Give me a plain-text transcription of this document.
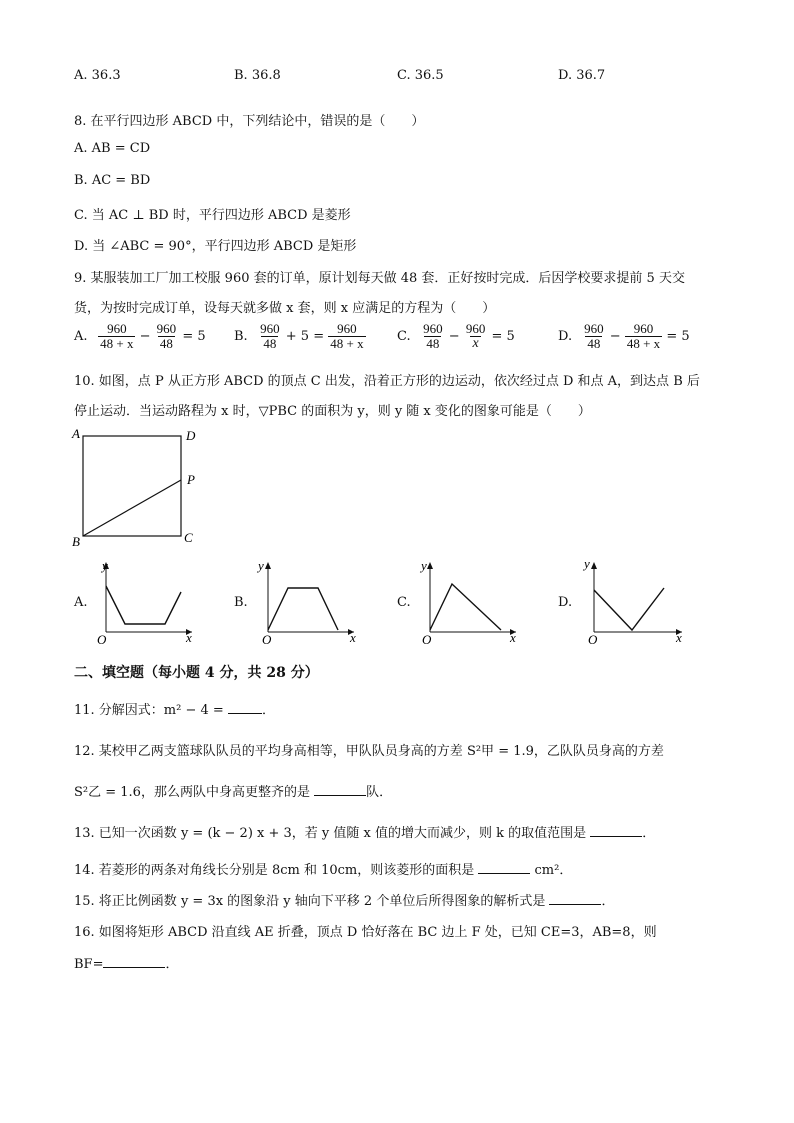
A. 36.3	B. 36.8	C. 36.5	D. 36.7
8. 在平行四边形 ABCD 中，下列结论中，错误的是（　　）
A. AB = CD
B. AC = BD
C. 当 AC ⊥ BD 时，平行四边形 ABCD 是菱形
D. 当 ∠ABC = 90°，平行四边形 ABCD 是矩形
9. 某服装加工厂加工校服 960 套的订单，原计划每天做 48 套．正好按时完成．后因学校要求提前 5 天交
货，为按时完成订单，设每天就多做 x 套，则 x 应满足的方程为（　　）
A. $\frac{960}{48 + x} - \frac{960}{48} = 5$ B. $\frac{960}{48} + 5 = \frac{960}{48 + x} C$. $\frac{960}{48} - \frac{960}{x} = 5$	D. $\frac{960}{48} - \frac{960}{48 + x} = 5$
10. 如图，点 P 从正方形 ABCD 的顶点 C 出发，沿着正方形的边运动，依次经过点 D 和点 A，到达点 B 后
停止运动．当运动路程为 x 时，▽PBC 的面积为 y，则 y 随 x 变化的图象可能是（　　）
A	D
P
B	C
A.
y
O	x
B.
y
O	x
C.
y
O	x
D.
y
O	x
二、填空题（每小题 4 分，共 28 分）
11. 分解因式：m² − 4 =	．
12. 某校甲乙两支篮球队队员的平均身高相等，甲队队员身高的方差 S²甲 = 1.9，乙队队员身高的方差
S²乙 = 1.6，那么两队中身高更整齐的是	队．
13. 已知一次函数 y = (k − 2) x + 3，若 y 值随 x 值的增大而减少，则 k 的取值范围是	．
14. 若菱形的两条对角线长分别是 8cm 和 10cm，则该菱形的面积是	cm²．
15. 将正比例函数 y = 3x 的图象沿 y 轴向下平移 2 个单位后所得图象的解析式是	．
16. 如图将矩形 ABCD 沿直线 AE 折叠，顶点 D 恰好落在 BC 边上 F 处，已知 CE=3，AB=8，则
BF=	．
